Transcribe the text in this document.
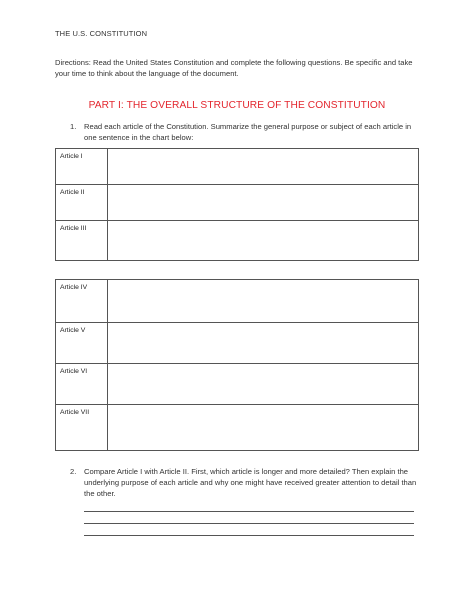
THE U.S. CONSTITUTION
Directions: Read the United States Constitution and complete the following questions. Be specific and take your time to think about the language of the document.
PART I: THE OVERALL STRUCTURE OF THE CONSTITUTION
1. Read each article of the Constitution. Summarize the general purpose or subject of each article in one sentence in the chart below:
Article I	
Article II	
Article III	
Article IV	
Article V	
Article VI	
Article VII	
2. Compare Article I with Article II. First, which article is longer and more detailed? Then explain the underlying purpose of each article and why one might have received greater attention to detail than the other.
